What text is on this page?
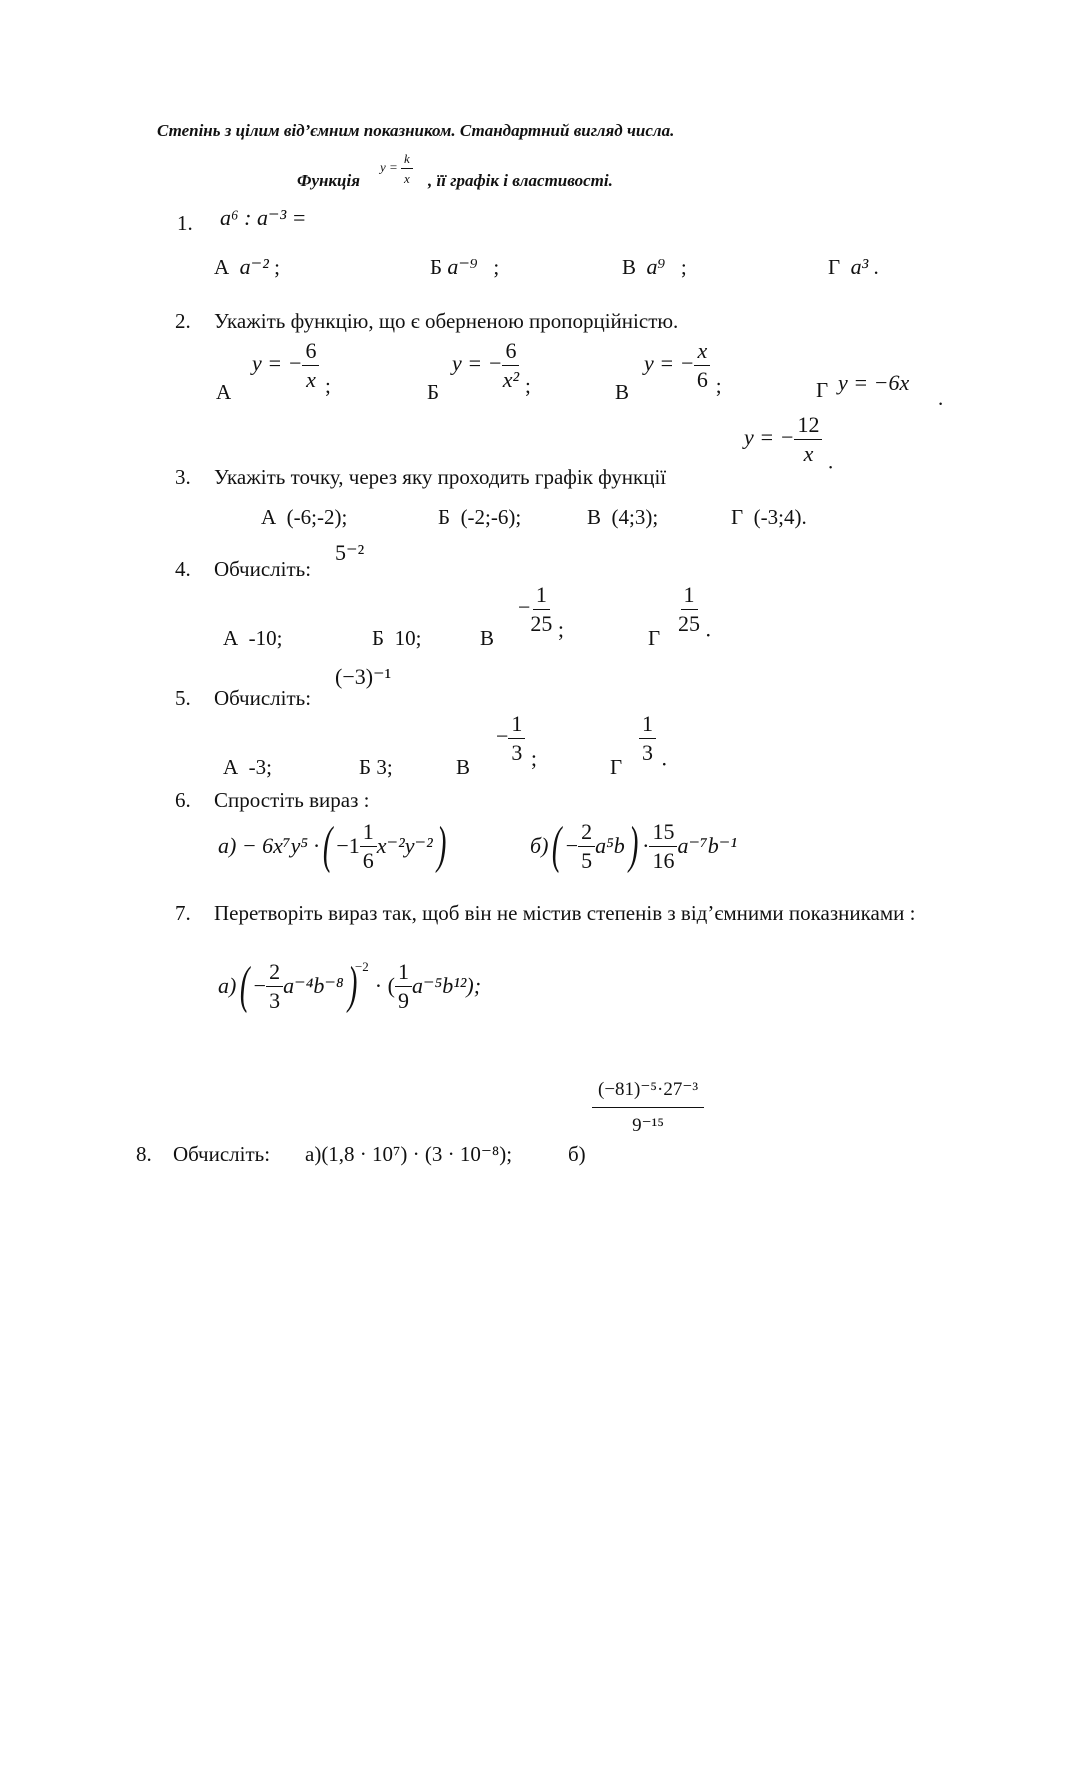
Степінь з цілим від’ємним показником. Стандартний вигляд числа.
Функція
$y = \frac{k}{x}$ , її графік і властивості.
1. a⁶ : a⁻³ =
А a⁻² ;	Б a⁻⁹ ;	В a⁹ ;	Г a³ .
2. Укажіть функцію, що є оберненою пропорційністю.
А
y = − $\frac{6}{x}$ ;	Б
y = − $\frac{6}{\text{x²}}$ ;	В
y = − $\frac{x}{6}$ ;	Г y = −6x
.
y = − $\frac{12}{x}$ .
3. Укажіть точку, через яку проходить графік функції
А (-6;-2);	Б (-2;-6);	В (4;3);	Г (-3;4).
4. Обчисліть:
5⁻²
А -10;	Б 10;	В
− $\frac{1}{25}$ ;	Г
$\frac{1}{25}$ .
5. Обчисліть:
(−3)⁻¹
А -3;	Б 3;	В
− $\frac{1}{3}$ ;	Г
$\frac{1}{3}$ .
6. Спростіть вираз :
а) − 6x⁷y⁵ · ( $-1 \frac{1}{6} x^{-2}y^{-2}$ )	б) ( − $\frac{2}{5} a^5b$ ) · $\frac{15}{16} a^{-7}b^{-1}$
7. Перетворіть вираз так, щоб він не містив степенів з від’ємними показниками :
а) ( − $\frac{2}{3} a^{-4}b^{-8}$ )
−2
· ( $\frac{1}{9} a^{-5}b^{12}$);
8. Обчисліть: а)(1,8 · 10⁷) · (3 · 10⁻⁸);	б)
$\frac{\text{(−81)⁻⁵·27⁻³}}{\text{9⁻¹⁵}}$
